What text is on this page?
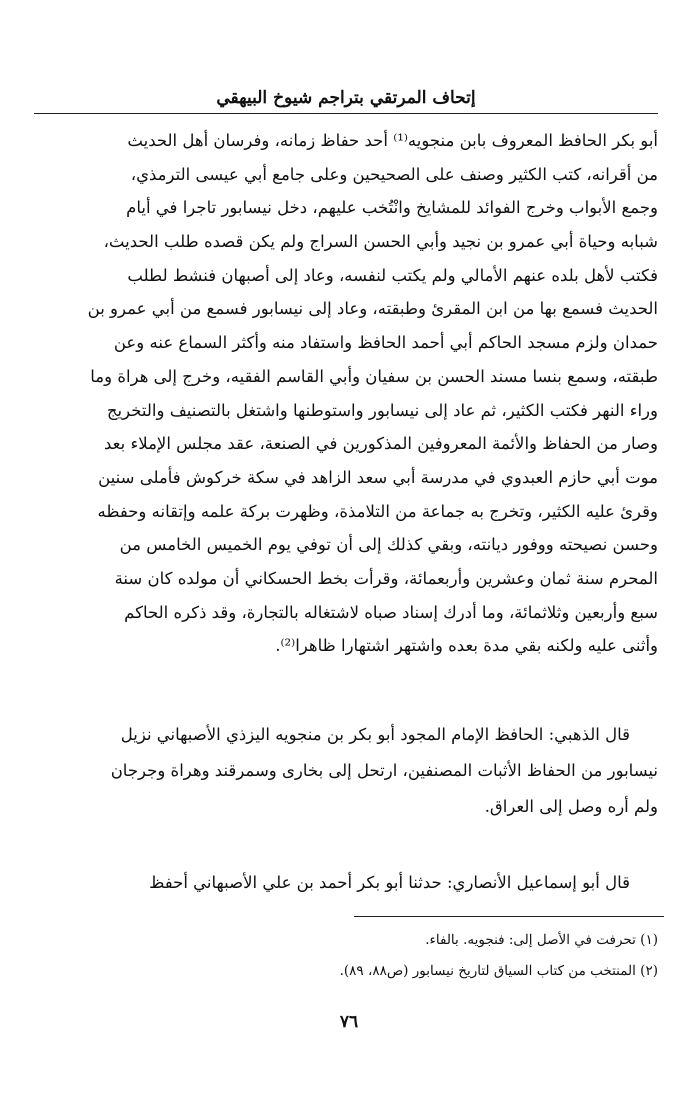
إتحاف المرتقي بتراجم شيوخ البيهقي

أبو بكر الحافظ المعروف بابن منجويه⁽¹⁾ أحد حفاظ زمانه، وفرسان أهل الحديث

من أقرانه، كتب الكثير وصنف على الصحيحين وعلى جامع أبي عيسى الترمذي،

وجمع الأبواب وخرج الفوائد للمشايخ وانْتُخب عليهم، دخل نيسابور تاجرا في أيام

شبابه وحياة أبي عمرو بن نجيد وأبي الحسن السراج ولم يكن قصده طلب الحديث،

فكتب لأهل بلده عنهم الأمالي ولم يكتب لنفسه، وعاد إلى أصبهان فنشط لطلب

الحديث فسمع بها من ابن المقرئ وطبقته، وعاد إلى نيسابور فسمع من أبي عمرو بن

حمدان ولزم مسجد الحاكم أبي أحمد الحافظ واستفاد منه وأكثر السماع عنه وعن

طبقته، وسمع بنسا مسند الحسن بن سفيان وأبي القاسم الفقيه، وخرج إلى هراة وما

وراء النهر فكتب الكثير، ثم عاد إلى نيسابور واستوطنها واشتغل بالتصنيف والتخريج

وصار من الحفاظ والأئمة المعروفين المذكورين في الصنعة، عقد مجلس الإملاء بعد

موت أبي حازم العبدوي في مدرسة أبي سعد الزاهد في سكة خركوش فأملى سنين

وقرئ عليه الكثير، وتخرج به جماعة من التلامذة، وظهرت بركة علمه وإتقانه وحفظه

وحسن نصيحته ووفور ديانته، وبقي كذلك إلى أن توفي يوم الخميس الخامس من

المحرم سنة ثمان وعشرين وأربعمائة، وقرأت بخط الحسكاني أن مولده كان سنة

سبع وأربعين وثلاثمائة، وما أدرك إسناد صباه لاشتغاله بالتجارة، وقد ذكره الحاكم

وأثنى عليه ولكنه بقي مدة بعده واشتهر اشتهارا ظاهرا⁽²⁾.

قال الذهبي: الحافظ الإمام المجود أبو بكر بن منجويه اليزذي الأصبهاني نزيل

نيسابور من الحفاظ الأثبات المصنفين، ارتحل إلى بخارى وسمرقند وهراة وجرجان

ولم أره وصل إلى العراق.

قال أبو إسماعيل الأنصاري: حدثنا أبو بكر أحمد بن علي الأصبهاني أحفظ

(١) تحرفت في الأصل إلى: فنجويه. بالفاء.
(٢) المنتخب من كتاب السياق لتاريخ نيسابور (ص٨٨، ٨٩).
٧٦
